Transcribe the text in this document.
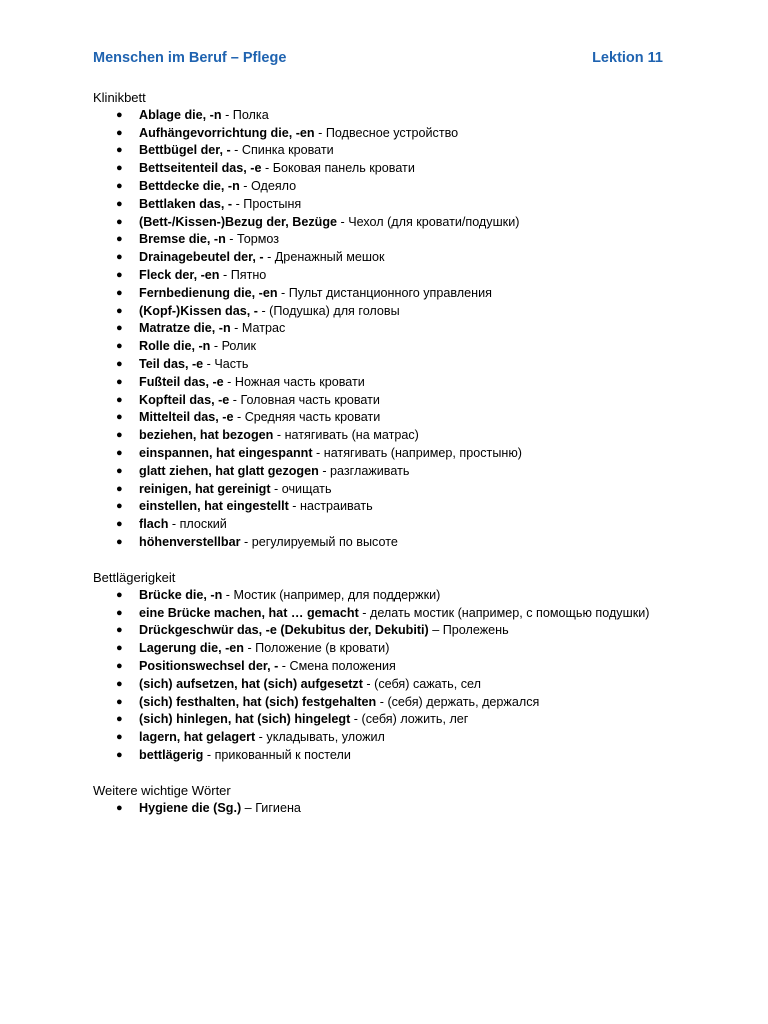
Menschen im Beruf – Pflege	Lektion 11
Klinikbett
● Ablage die, -n - Полка
● Aufhängevorrichtung die, -en - Подвесное устройство
● Bettbügel der, - - Спинка кровати
● Bettseitenteil das, -e - Боковая панель кровати
● Bettdecke die, -n - Одеяло
● Bettlaken das, - - Простыня
● (Bett-/Kissen-)Bezug der, Bezüge - Чехол (для кровати/подушки)
● Bremse die, -n - Тормоз
● Drainagebeutel der, - - Дренажный мешок
● Fleck der, -en - Пятно
● Fernbedienung die, -en - Пульт дистанционного управления
● (Kopf-)Kissen das, - - (Подушка) для головы
● Matratze die, -n - Матрас
● Rolle die, -n - Ролик
● Teil das, -e - Часть
● Fußteil das, -e - Ножная часть кровати
● Kopfteil das, -e - Головная часть кровати
● Mittelteil das, -e - Средняя часть кровати
● beziehen, hat bezogen - натягивать (на матрас)
● einspannen, hat eingespannt - натягивать (например, простыню)
● glatt ziehen, hat glatt gezogen - разглаживать
● reinigen, hat gereinigt - очищать
● einstellen, hat eingestellt - настраивать
● flach - плоский
● höhenverstellbar - регулируемый по высоте
Bettlägerigkeit
● Brücke die, -n - Мостик (например, для поддержки)
● eine Brücke machen, hat … gemacht - делать мостик (например, с помощью подушки)
● Drückgeschwür das, -e (Dekubitus der, Dekubiti) – Пролежень
● Lagerung die, -en - Положение (в кровати)
● Positionswechsel der, - - Смена положения
● (sich) aufsetzen, hat (sich) aufgesetzt - (себя) сажать, сел
● (sich) festhalten, hat (sich) festgehalten - (себя) держать, держался
● (sich) hinlegen, hat (sich) hingelegt - (себя) ложить, лег
● lagern, hat gelagert - укладывать, уложил
● bettlägerig - прикованный к постели
Weitere wichtige Wörter
● Hygiene die (Sg.) – Гигиена
